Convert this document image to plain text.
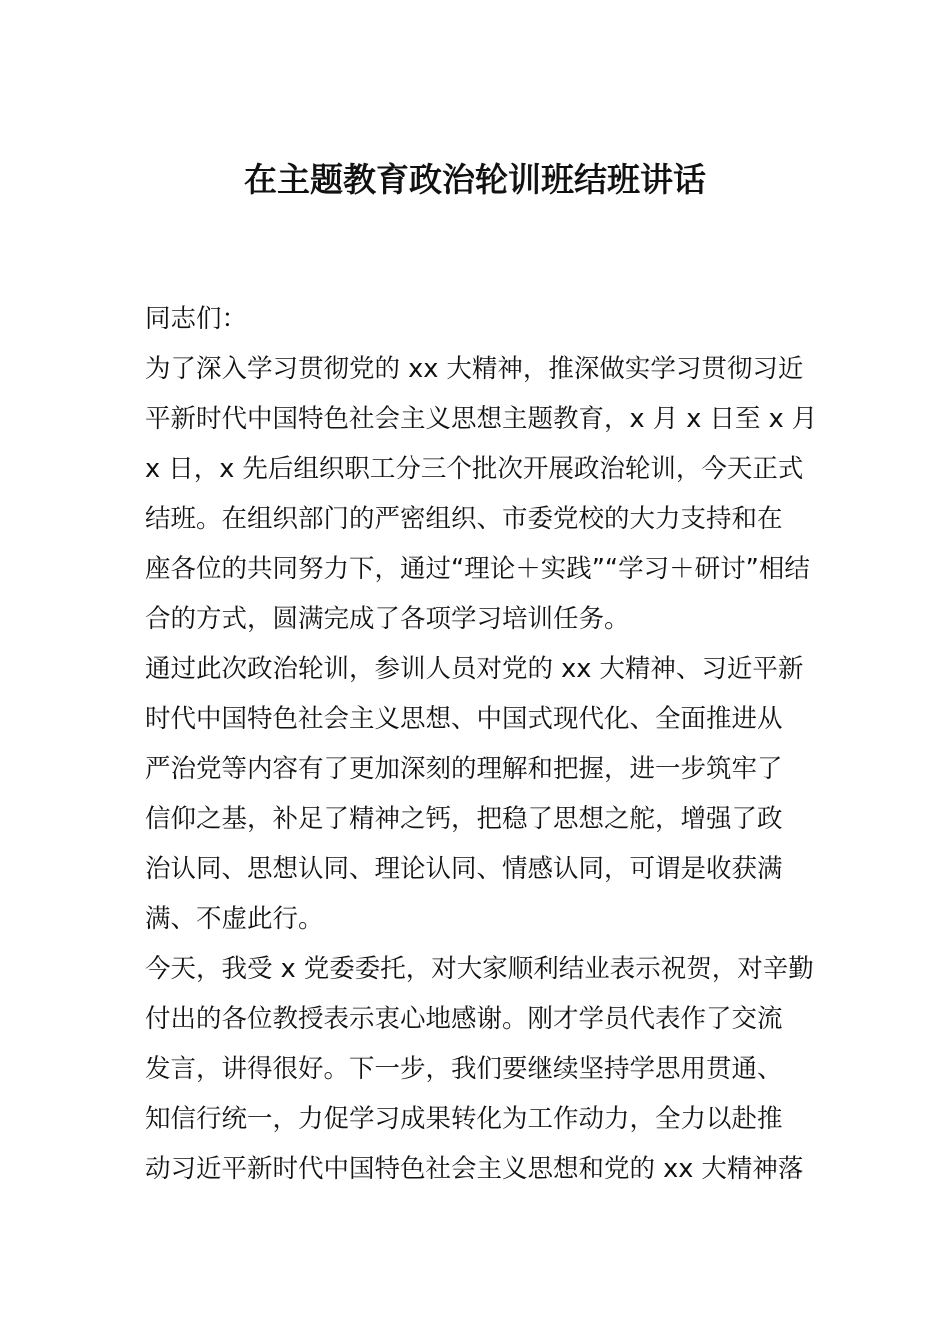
在主题教育政治轮训班结班讲话
同志们：
为了深入学习贯彻党的 xx 大精神，推深做实学习贯彻习近
平新时代中国特色社会主义思想主题教育，x 月 x 日至 x 月
x 日，x 先后组织职工分三个批次开展政治轮训，今天正式
结班。在组织部门的严密组织、市委党校的大力支持和在
座各位的共同努力下，通过“理论＋实践”“学习＋研讨”相结
合的方式，圆满完成了各项学习培训任务。
通过此次政治轮训，参训人员对党的 xx 大精神、习近平新
时代中国特色社会主义思想、中国式现代化、全面推进从
严治党等内容有了更加深刻的理解和把握，进一步筑牢了
信仰之基，补足了精神之钙，把稳了思想之舵，增强了政
治认同、思想认同、理论认同、情感认同，可谓是收获满
满、不虚此行。
今天，我受 x 党委委托，对大家顺利结业表示祝贺，对辛勤
付出的各位教授表示衷心地感谢。刚才学员代表作了交流
发言，讲得很好。下一步，我们要继续坚持学思用贯通、
知信行统一，力促学习成果转化为工作动力，全力以赴推
动习近平新时代中国特色社会主义思想和党的 xx 大精神落
